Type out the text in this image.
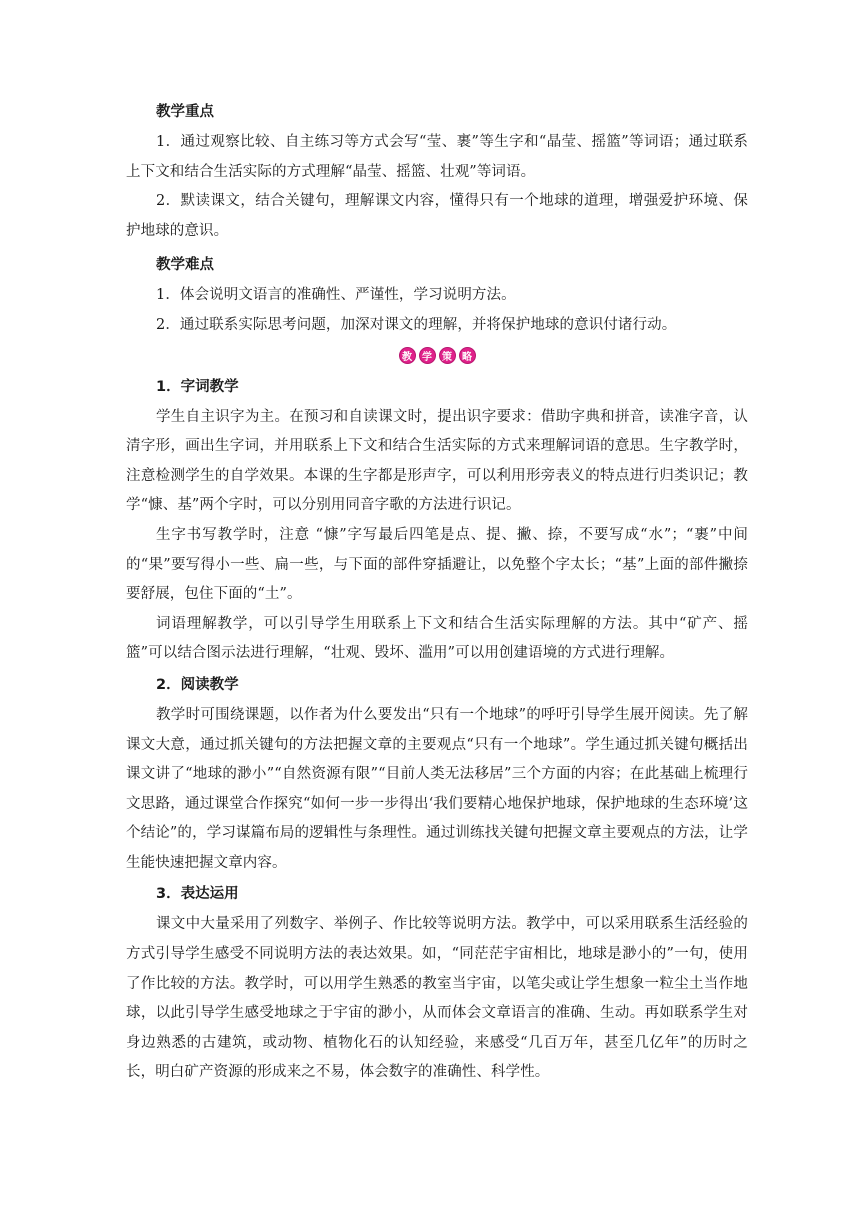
教学重点

1．通过观察比较、自主练习等方式会写“莹、裹”等生字和“晶莹、摇篮”等词语；通过联系上下文和结合生活实际的方式理解“晶莹、摇篮、壮观”等词语。

2．默读课文，结合关键句，理解课文内容，懂得只有一个地球的道理，增强爱护环境、保护地球的意识。

教学难点

1．体会说明文语言的准确性、严谨性，学习说明方法。

2．通过联系实际思考问题，加深对课文的理解，并将保护地球的意识付诸行动。

教	学	策	略

1．字词教学

学生自主识字为主。在预习和自读课文时，提出识字要求：借助字典和拼音，读准字音，认清字形，画出生字词，并用联系上下文和结合生活实际的方式来理解词语的意思。生字教学时，注意检测学生的自学效果。本课的生字都是形声字，可以利用形旁表义的特点进行归类识记；教学“慷、基”两个字时，可以分别用同音字歌的方法进行识记。

生字书写教学时，注意 “慷”字写最后四笔是点、提、撇、捺，不要写成“水”；“裹”中间的“果”要写得小一些、扁一些，与下面的部件穿插避让，以免整个字太长；“基”上面的部件撇捺要舒展，包住下面的“土”。

词语理解教学，可以引导学生用联系上下文和结合生活实际理解的方法。其中“矿产、摇篮”可以结合图示法进行理解，“壮观、毁坏、滥用”可以用创建语境的方式进行理解。

2．阅读教学

教学时可围绕课题，以作者为什么要发出“只有一个地球”的呼吁引导学生展开阅读。先了解课文大意，通过抓关键句的方法把握文章的主要观点“只有一个地球”。学生通过抓关键句概括出课文讲了“地球的渺小”“自然资源有限”“目前人类无法移居”三个方面的内容；在此基础上梳理行文思路，通过课堂合作探究“如何一步一步得出‘我们要精心地保护地球，保护地球的生态环境’这个结论”的，学习谋篇布局的逻辑性与条理性。通过训练找关键句把握文章主要观点的方法，让学生能快速把握文章内容。

3．表达运用

课文中大量采用了列数字、举例子、作比较等说明方法。教学中，可以采用联系生活经验的方式引导学生感受不同说明方法的表达效果。如，“同茫茫宇宙相比，地球是渺小的”一句，使用了作比较的方法。教学时，可以用学生熟悉的教室当宇宙，以笔尖或让学生想象一粒尘土当作地球，以此引导学生感受地球之于宇宙的渺小，从而体会文章语言的准确、生动。再如联系学生对身边熟悉的古建筑，或动物、植物化石的认知经验，来感受“几百万年，甚至几亿年”的历时之长，明白矿产资源的形成来之不易，体会数字的准确性、科学性。
